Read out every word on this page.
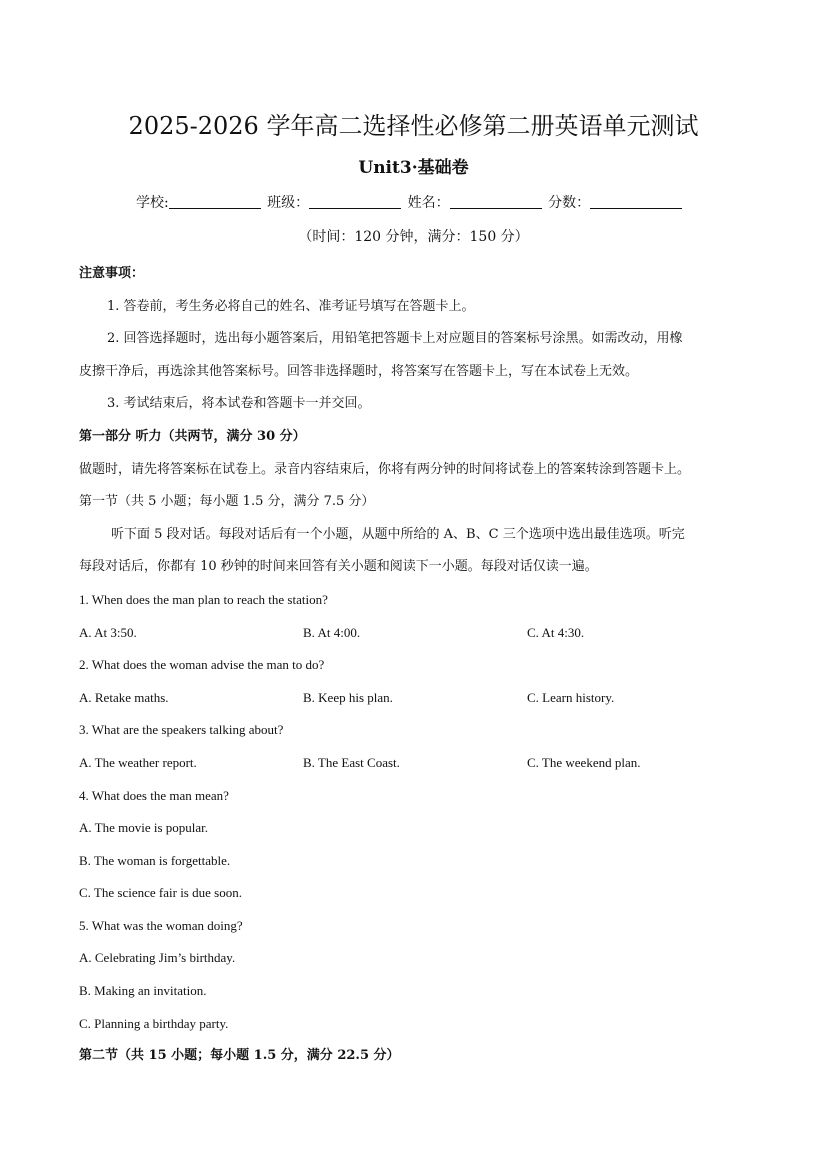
2025-2026 学年高二选择性必修第二册英语单元测试
Unit3·基础卷
学校:	班级：	姓名：	分数：
（时间：120 分钟，满分：150 分）
注意事项：
1. 答卷前，考生务必将自己的姓名、准考证号填写在答题卡上。
2. 回答选择题时，选出每小题答案后，用铅笔把答题卡上对应题目的答案标号涂黑。如需改动，用橡
皮擦干净后，再选涂其他答案标号。回答非选择题时，将答案写在答题卡上，写在本试卷上无效。
3. 考试结束后，将本试卷和答题卡一并交回。
第一部分 听力（共两节，满分 30 分）
做题时，请先将答案标在试卷上。录音内容结束后，你将有两分钟的时间将试卷上的答案转涂到答题卡上。
第一节（共 5 小题；每小题 1.5 分，满分 7.5 分）
听下面 5 段对话。每段对话后有一个小题，从题中所给的 A、B、C 三个选项中选出最佳选项。听完
每段对话后，你都有 10 秒钟的时间来回答有关小题和阅读下一小题。每段对话仅读一遍。
1. When does the man plan to reach the station?
A. At 3:50.	B. At 4:00.	C. At 4:30.
2. What does the woman advise the man to do?
A. Retake maths.	B. Keep his plan.	C. Learn history.
3. What are the speakers talking about?
A. The weather report.	B. The East Coast.	C. The weekend plan.
4. What does the man mean?
A. The movie is popular.
B. The woman is forgettable.
C. The science fair is due soon.
5. What was the woman doing?
A. Celebrating Jim’s birthday.
B. Making an invitation.
C. Planning a birthday party.
第二节（共 15 小题；每小题 1.5 分，满分 22.5 分）
